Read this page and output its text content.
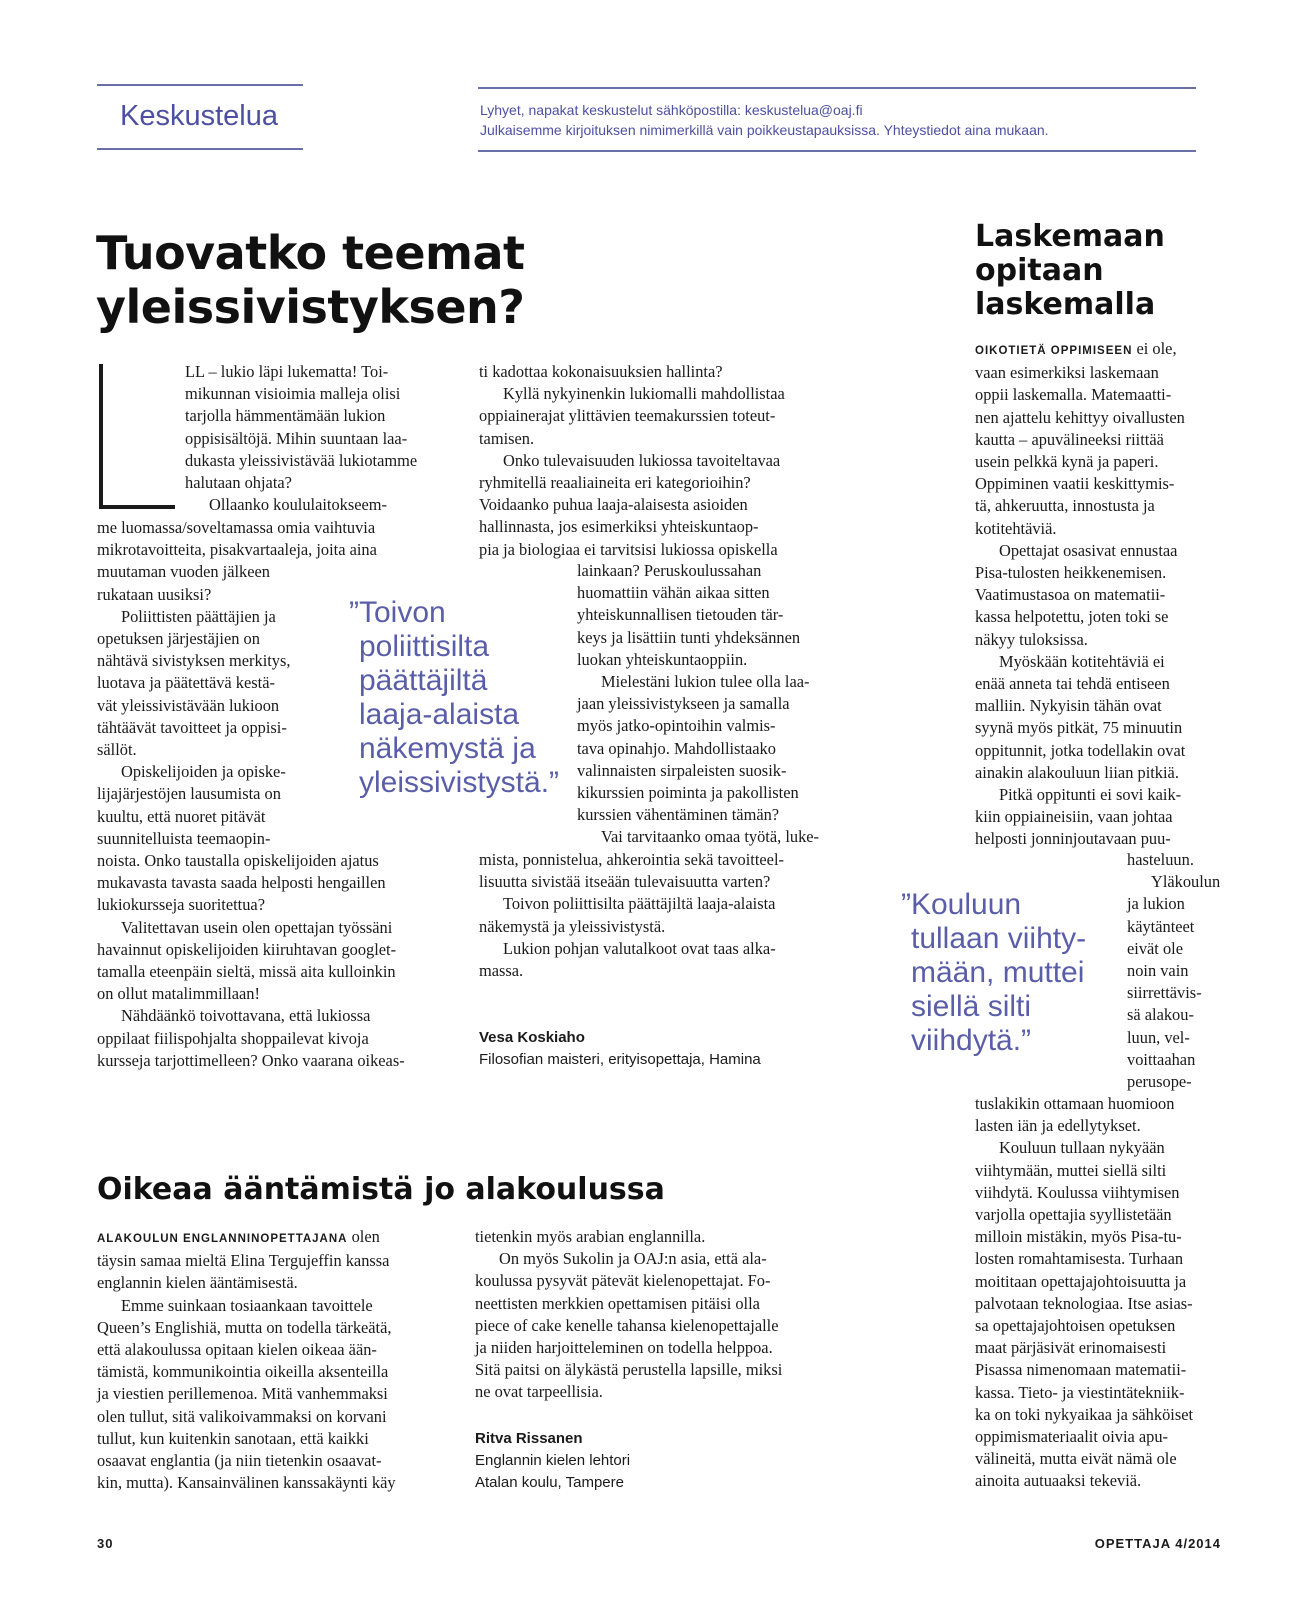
Keskustelua	Lyhyet, napakat keskustelut sähköpostilla: keskustelua@oaj.fi
Julkaisemme kirjoituksen nimimerkillä vain poikkeustapauksissa. Yhteystiedot aina mukaan.
Tuovatko teemat
yleissivistyksen?

LL – lukio läpi lukematta! Toi-

mikunnan visioimia malleja olisi

tarjolla hämmentämään lukion

oppisisältöjä. Mihin suuntaan laa-

dukasta yleissivistävää lukiotamme

halutaan ohjata?

Ollaanko koululaitokseem-

me luomassa/soveltamassa omia vaihtuvia

mikrotavoitteita, pisakvartaaleja, joita aina

muutaman vuoden jälkeen

rukataan uusiksi?

Poliittisten päättäjien ja

opetuksen järjestäjien on

nähtävä sivistyksen merkitys,

luotava ja päätettävä kestä-

vät yleissivistävään lukioon

tähtäävät tavoitteet ja oppisi-

sällöt.

Opiskelijoiden ja opiske-

lijajärjestöjen lausumista on

kuultu, että nuoret pitävät

suunnitelluista teemaopin-

noista. Onko taustalla opiskelijoiden ajatus

mukavasta tavasta saada helposti hengaillen

lukiokursseja suoritettua?

Valitettavan usein olen opettajan työssäni

havainnut opiskelijoiden kiiruhtavan googlet-

tamalla eteenpäin sieltä, missä aita kulloinkin

on ollut matalimmillaan!

Nähdäänkö toivottavana, että lukiossa

oppilaat fiilispohjalta shoppailevat kivoja

kursseja tarjottimelleen? Onko vaarana oikeas-

”Toivon
poliittisilta
päättäjiltä
laaja-alaista
näkemystä ja
yleissivistystä.”

ti kadottaa kokonaisuuksien hallinta?

Kyllä nykyinenkin lukiomalli mahdollistaa

oppiainerajat ylittävien teemakurssien toteut-

tamisen.

Onko tulevaisuuden lukiossa tavoiteltavaa

ryhmitellä reaaliaineita eri kategorioihin?

Voidaanko puhua laaja-alaisesta asioiden

hallinnasta, jos esimerkiksi yhteiskuntaop-

pia ja biologiaa ei tarvitsisi lukiossa opiskella

lainkaan? Peruskoulussahan

huomattiin vähän aikaa sitten

yhteiskunnallisen tietouden tär-

keys ja lisättiin tunti yhdeksännen

luokan yhteiskuntaoppiin.

Mielestäni lukion tulee olla laa-

jaan yleissivistykseen ja samalla

myös jatko-opintoihin valmis-

tava opinahjo. Mahdollistaako

valinnaisten sirpaleisten suosik-

kikurssien poiminta ja pakollisten

kurssien vähentäminen tämän?

Vai tarvitaanko omaa työtä, luke-

mista, ponnistelua, ahkerointia sekä tavoitteel-

lisuutta sivistää itseään tulevaisuutta varten?

Toivon poliittisilta päättäjiltä laaja-alaista

näkemystä ja yleissivistystä.

Lukion pohjan valutalkoot ovat taas alka-

massa.

Vesa Koskiaho
Filosofian maisteri, erityisopettaja, Hamina
Oikeaa ääntämistä jo alakoulussa

ALAKOULUN ENGLANNINOPETTAJANA olen

täysin samaa mieltä Elina Tergujeffin kanssa

englannin kielen ääntämisestä.

Emme suinkaan tosiaankaan tavoittele

Queen’s Englishiä, mutta on todella tärkeätä,

että alakoulussa opitaan kielen oikeaa ään-

tämistä, kommunikointia oikeilla aksenteilla

ja viestien perillemenoa. Mitä vanhemmaksi

olen tullut, sitä valikoivammaksi on korvani

tullut, kun kuitenkin sanotaan, että kaikki

osaavat englantia (ja niin tietenkin osaavat-

kin, mutta). Kansainvälinen kanssakäynti käy

tietenkin myös arabian englannilla.

On myös Sukolin ja OAJ:n asia, että ala-

koulussa pysyvät pätevät kielenopettajat. Fo-

neettisten merkkien opettamisen pitäisi olla

piece of cake kenelle tahansa kielenopettajalle

ja niiden harjoitteleminen on todella helppoa.

Sitä paitsi on älykästä perustella lapsille, miksi

ne ovat tarpeellisia.

Ritva Rissanen
Englannin kielen lehtori
Atalan koulu, Tampere
Laskemaan
opitaan
laskemalla

OIKOTIETÄ OPPIMISEEN ei ole,

vaan esimerkiksi laskemaan

oppii laskemalla. Matemaatti-

nen ajattelu kehittyy oivallusten

kautta – apuvälineeksi riittää

usein pelkkä kynä ja paperi.

Oppiminen vaatii keskittymis-

tä, ahkeruutta, innostusta ja

kotitehtäviä.

Opettajat osasivat ennustaa

Pisa-tulosten heikkenemisen.

Vaatimustasoa on matematii-

kassa helpotettu, joten toki se

näkyy tuloksissa.

Myöskään kotitehtäviä ei

enää anneta tai tehdä entiseen

malliin. Nykyisin tähän ovat

syynä myös pitkät, 75 minuutin

oppitunnit, jotka todellakin ovat

ainakin alakouluun liian pitkiä.

Pitkä oppitunti ei sovi kaik-

kiin oppiaineisiin, vaan johtaa

helposti jonninjoutavaan puu-

”Kouluun
tullaan viihty-
mään, muttei
siellä silti
viihdytä.”

hasteluun.

Yläkoulun

ja lukion

käytänteet

eivät ole

noin vain

siirrettävis-

sä alakou-

luun, vel-

voittaahan

perusope-

tuslakikin ottamaan huomioon

lasten iän ja edellytykset.

Kouluun tullaan nykyään

viihtymään, muttei siellä silti

viihdytä. Koulussa viihtymisen

varjolla opettajia syyllistetään

milloin mistäkin, myös Pisa-tu-

losten romahtamisesta. Turhaan

moititaan opettajajohtoisuutta ja

palvotaan teknologiaa. Itse asias-

sa opettajajohtoisen opetuksen

maat pärjäsivät erinomaisesti

Pisassa nimenomaan matematii-

kassa. Tieto- ja viestintätekniik-

ka on toki nykyaikaa ja sähköiset

oppimismateriaalit oivia apu-

välineitä, mutta eivät nämä ole

ainoita autuaaksi tekeviä.

30	OPETTAJA 4/2014
